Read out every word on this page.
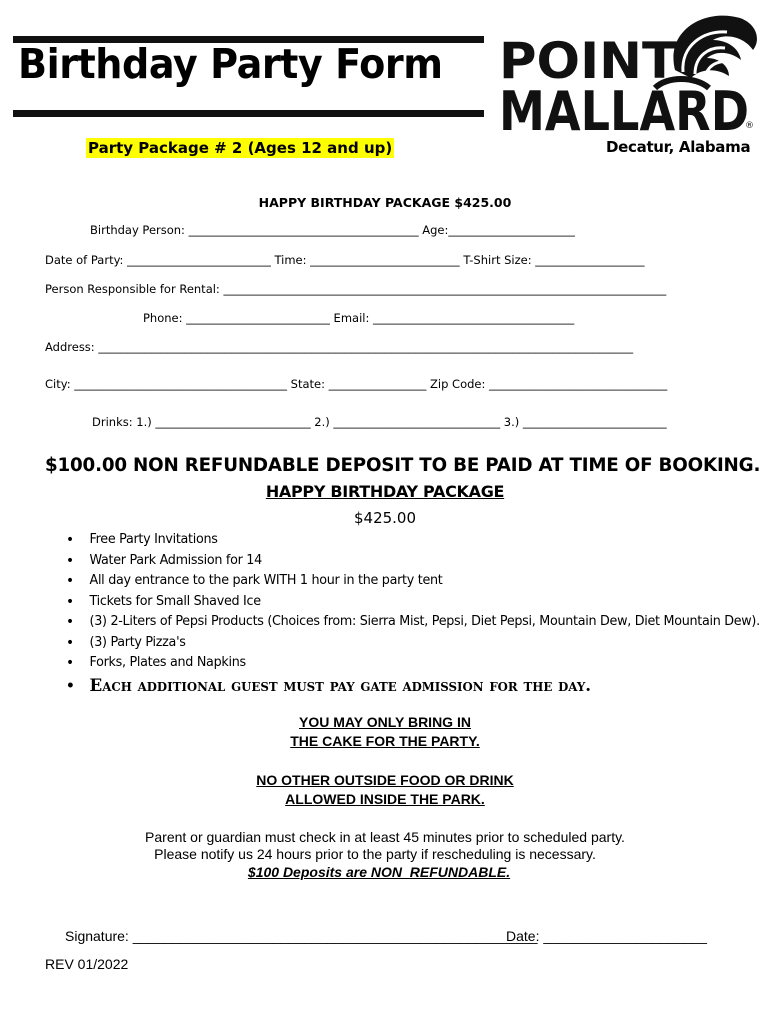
Birthday Party Form
Party Package # 2 (Ages 12 and up)
POINT
MALLARD
®
Decatur, Alabama
HAPPY BIRTHDAY PACKAGE $425.00
Birthday Person: ________________________________________ Age:______________________
Date of Party: _________________________ Time: __________________________ T-Shirt Size: ___________________
Person Responsible for Rental: _____________________________________________________________________________
Phone: _________________________ Email: ___________________________________
Address: _____________________________________________________________________________________________
City: _____________________________________ State: _________________ Zip Code: _______________________________
Drinks: 1.) ___________________________ 2.) _____________________________ 3.) _________________________
$100.00 NON REFUNDABLE DEPOSIT TO BE PAID AT TIME OF BOOKING.
HAPPY BIRTHDAY PACKAGE
$425.00
• Free Party Invitations
• Water Park Admission for 14
• All day entrance to the park WITH 1 hour in the party tent
• Tickets for Small Shaved Ice
• (3) 2-Liters of Pepsi Products (Choices from: Sierra Mist, Pepsi, Diet Pepsi, Mountain Dew, Diet Mountain Dew).
• (3) Party Pizza's
• Forks, Plates and Napkins
• Each additional guest must pay gate admission for the day.
YOU MAY ONLY BRING IN
THE CAKE FOR THE PARTY.
NO OTHER OUTSIDE FOOD OR DRINK
ALLOWED INSIDE THE PARK.
Parent or guardian must check in at least 45 minutes prior to scheduled party.
Please notify us 24 hours prior to the party if rescheduling is necessary.
$100 Deposits are NON_REFUNDABLE.
Signature: ____________________________________________________
Date: _____________________
REV 01/2022
